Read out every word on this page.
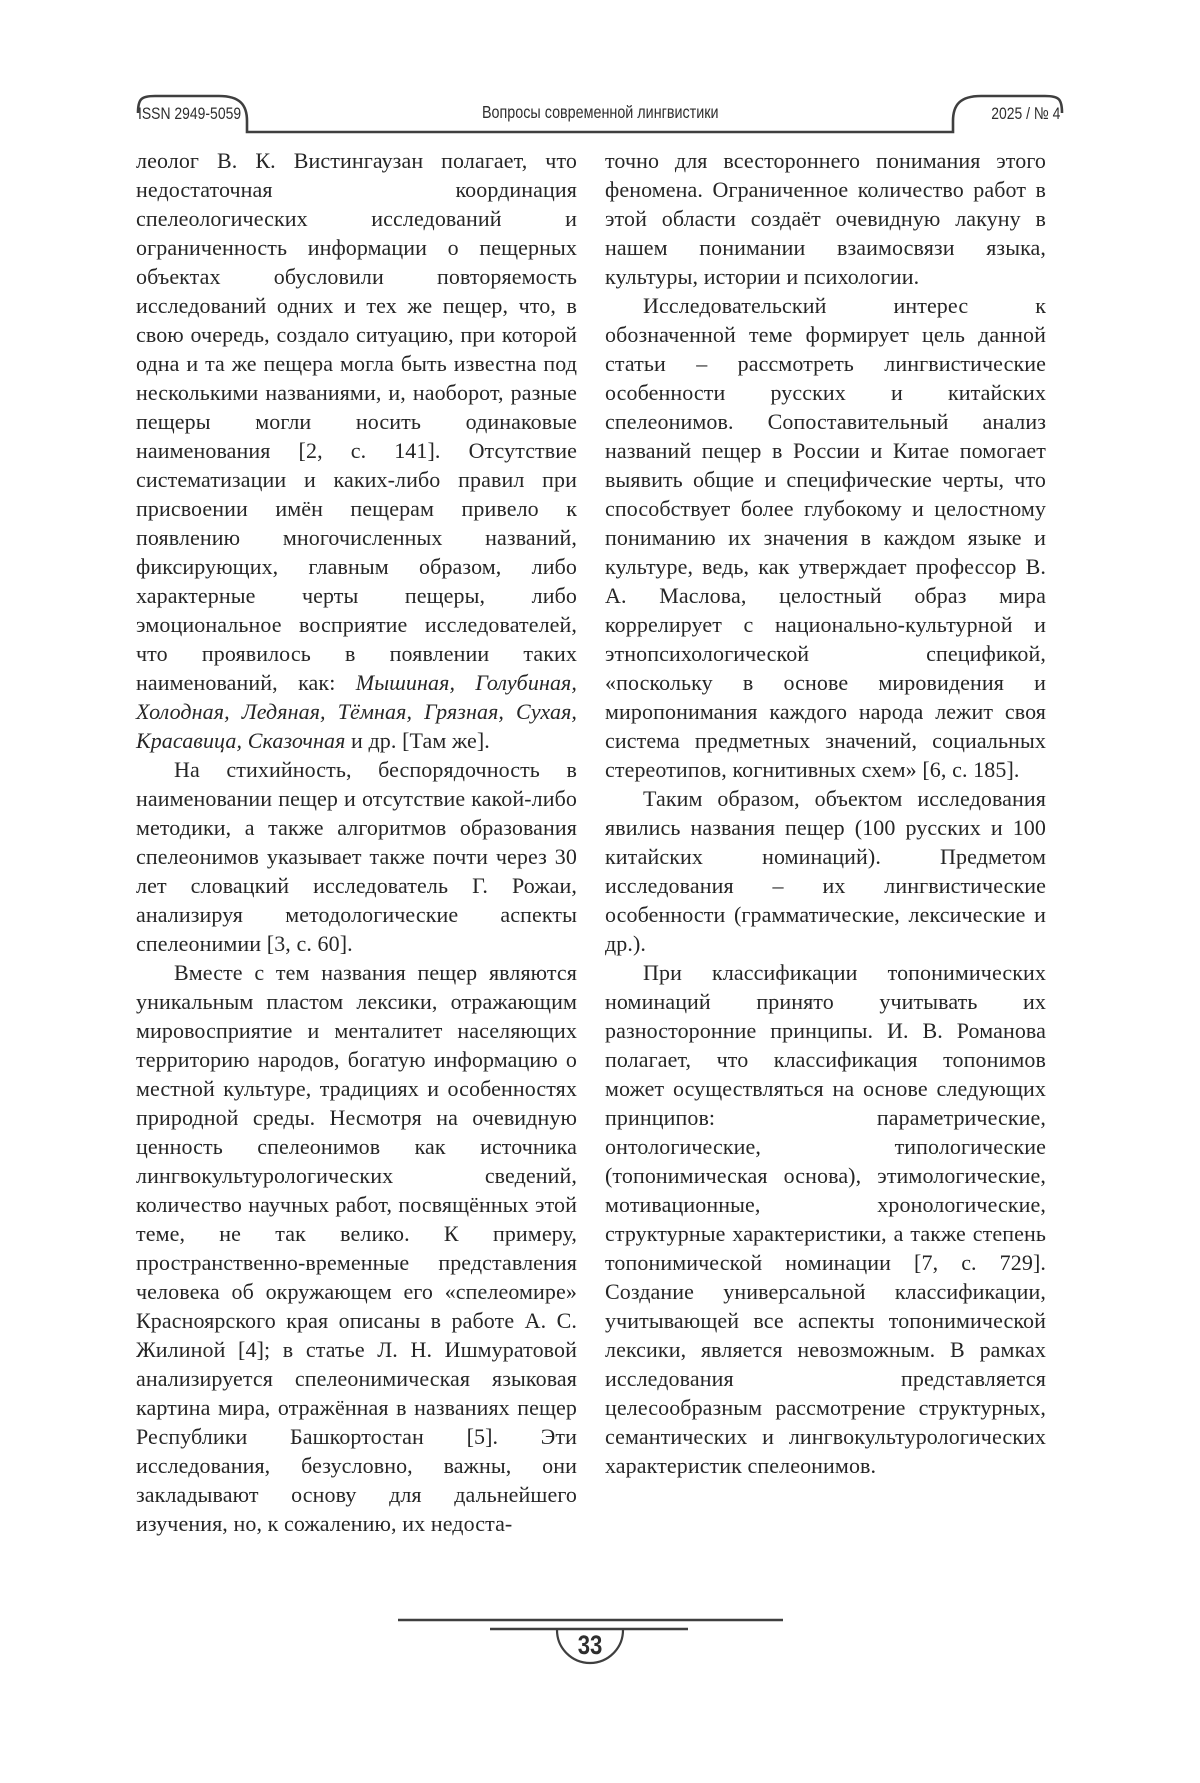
ISSN 2949-5059	Вопросы современной лингвистики	2025 / № 4

леолог В. К. Вистингаузан полагает, что недостаточная координация спелеологических исследований и ограниченность информации о пещерных объектах обусловили повторяемость исследований одних и тех же пещер, что, в свою очередь, создало ситуацию, при которой одна и та же пещера могла быть известна под несколькими названиями, и, наоборот, разные пещеры могли носить одинаковые наименования [2, с. 141]. Отсутствие систематизации и каких-либо правил при присвоении имён пещерам привело к появлению многочисленных названий, фиксирующих, главным образом, либо характерные черты пещеры, либо эмоциональное восприятие исследователей, что проявилось в появлении таких наименований, как: Мышиная, Голубиная, Холодная, Ледяная, Тёмная, Грязная, Сухая, Красавица, Сказочная и др. [Там же].

На стихийность, беспорядочность в наименовании пещер и отсутствие какой-либо методики, а также алгоритмов образования спелеонимов указывает также почти через 30 лет словацкий исследователь Г. Рожаи, анализируя методологические аспекты спелеонимии [3, с. 60].

Вместе с тем названия пещер являются уникальным пластом лексики, отражающим мировосприятие и менталитет населяющих территорию народов, богатую информацию о местной культуре, традициях и особенностях природной среды. Несмотря на очевидную ценность спелеонимов как источника лингвокультурологических сведений, количество научных работ, посвящённых этой теме, не так велико. К примеру, пространственно-временные представления человека об окружающем его «спелеомире» Красноярского края описаны в работе А. С. Жилиной [4]; в статье Л. Н. Ишмуратовой анализируется спелеонимическая языковая картина мира, отражённая в названиях пещер Республики Башкортостан [5]. Эти исследования, безусловно, важны, они закладывают основу для дальнейшего изучения, но, к сожалению, их недоста-

точно для всестороннего понимания этого феномена. Ограниченное количество работ в этой области создаёт очевидную лакуну в нашем понимании взаимосвязи языка, культуры, истории и психологии.

Исследовательский интерес к обозначенной теме формирует цель данной статьи – рассмотреть лингвистические особенности русских и китайских спелеонимов. Сопоставительный анализ названий пещер в России и Китае помогает выявить общие и специфические черты, что способствует более глубокому и целостному пониманию их значения в каждом языке и культуре, ведь, как утверждает профессор В. А. Маслова, целостный образ мира коррелирует с национально-культурной и этнопсихологической спецификой, «поскольку в основе мировидения и миропонимания каждого народа лежит своя система предметных значений, социальных стереотипов, когнитивных схем» [6, с. 185].

Таким образом, объектом исследования явились названия пещер (100 русских и 100 китайских номинаций). Предметом исследования – их лингвистические особенности (грамматические, лексические и др.).

При классификации топонимических номинаций принято учитывать их разносторонние принципы. И. В. Романова полагает, что классификация топонимов может осуществляться на основе следующих принципов: параметрические, онтологические, типологические (топонимическая основа), этимологические, мотивационные, хронологические, структурные характеристики, а также степень топонимической номинации [7, с. 729]. Создание универсальной классификации, учитывающей все аспекты топонимической лексики, является невозможным. В рамках исследования представляется целесообразным рассмотрение структурных, семантических и лингвокультурологических характеристик спелеонимов.

33
